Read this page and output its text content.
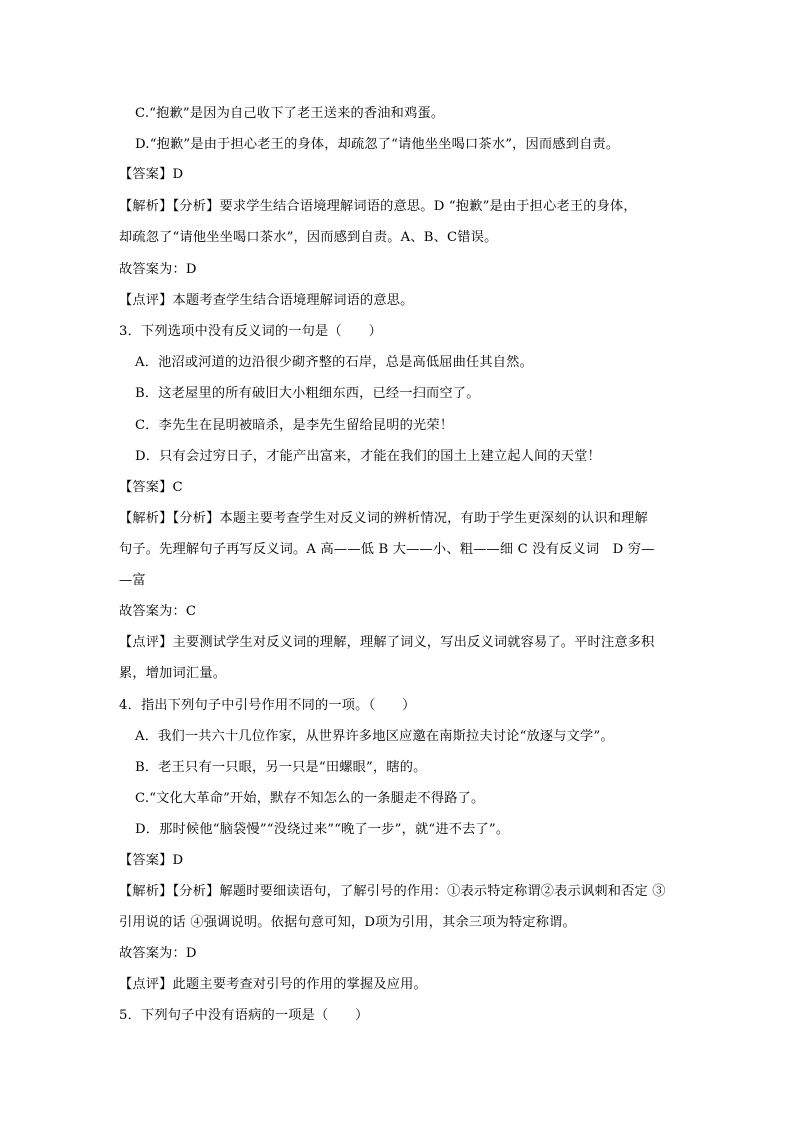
C.“抱歉”是因为自己收下了老王送来的香油和鸡蛋。
D.“抱歉”是由于担心老王的身体，却疏忽了“请他坐坐喝口茶水”，因而感到自责。
【答案】D
【解析】【分析】要求学生结合语境理解词语的意思。D “抱歉”是由于担心老王的身体，
却疏忽了“请他坐坐喝口茶水”，因而感到自责。A、B、C错误。
故答案为：D
【点评】本题考查学生结合语境理解词语的意思。
3．下列选项中没有反义词的一句是（　　）
A．池沼或河道的边沿很少砌齐整的石岸，总是高低屈曲任其自然。
B．这老屋里的所有破旧大小粗细东西，已经一扫而空了。
C．李先生在昆明被暗杀，是李先生留给昆明的光荣！
D．只有会过穷日子，才能产出富来，才能在我们的国土上建立起人间的天堂！
【答案】C
【解析】【分析】本题主要考查学生对反义词的辨析情况，有助于学生更深刻的认识和理解
句子。先理解句子再写反义词。A 高——低 B 大——小、粗——细 C 没有反义词　D 穷—
—富
故答案为：C
【点评】主要测试学生对反义词的理解，理解了词义，写出反义词就容易了。平时注意多积
累，增加词汇量。
4．指出下列句子中引号作用不同的一项。（　　）
A．我们一共六十几位作家，从世界许多地区应邀在南斯拉夫讨论“放逐与文学”。
B．老王只有一只眼，另一只是“田螺眼”，瞎的。
C.“文化大革命”开始，默存不知怎么的一条腿走不得路了。
D．那时候他“脑袋慢”“没绕过来”“晚了一步”，就“进不去了”。
【答案】D
【解析】【分析】解题时要细读语句，了解引号的作用：①表示特定称谓②表示讽刺和否定 ③
引用说的话 ④强调说明。依据句意可知，D项为引用，其余三项为特定称谓。
故答案为：D
【点评】此题主要考查对引号的作用的掌握及应用。
5．下列句子中没有语病的一项是（　　）
